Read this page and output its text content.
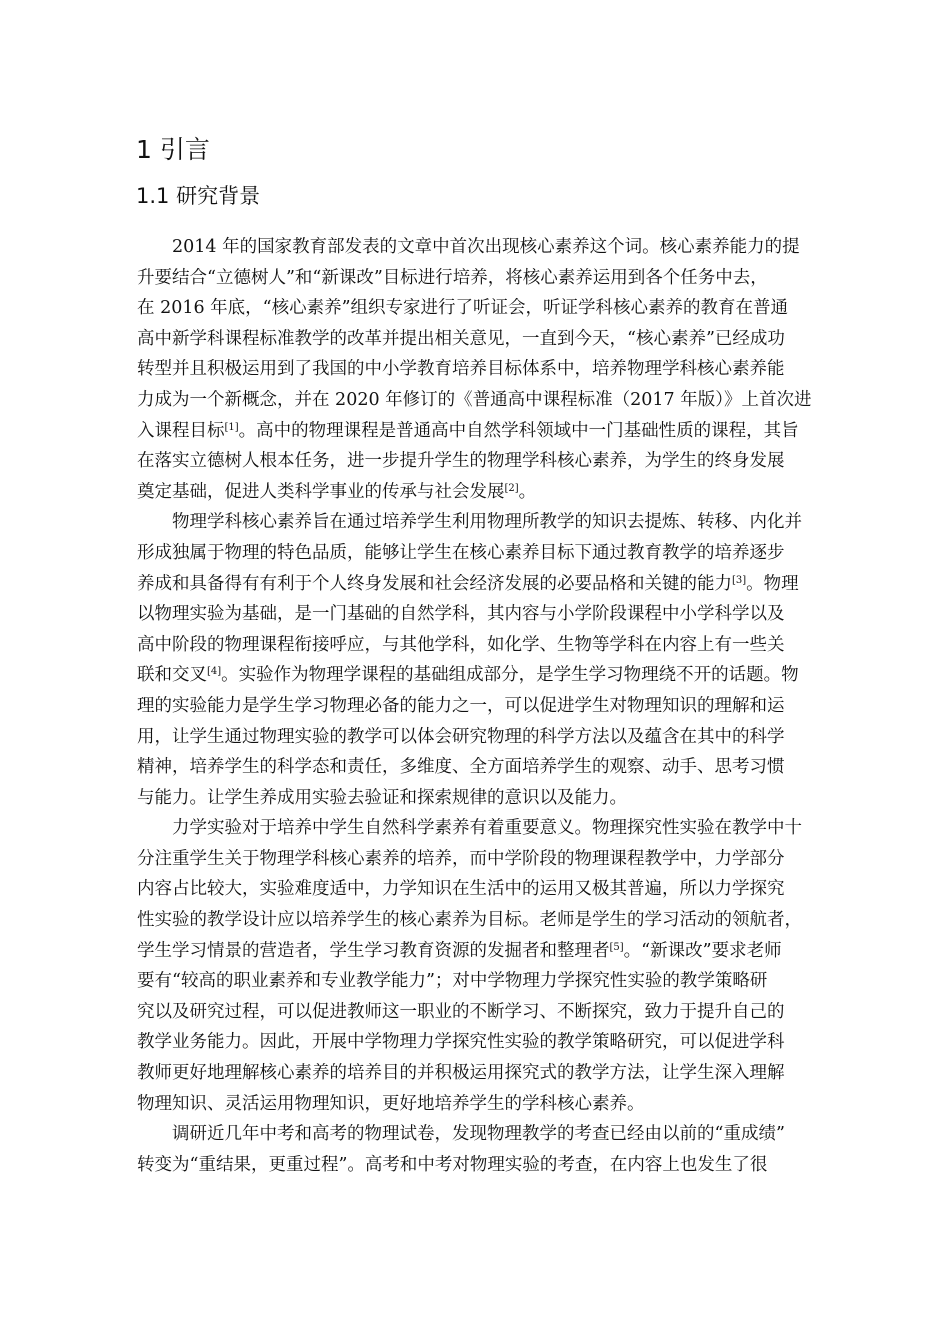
1 引言
1.1 研究背景
2014 年的国家教育部发表的文章中首次出现核心素养这个词。核心素养能力的提
升要结合“立德树人”和“新课改”目标进行培养，将核心素养运用到各个任务中去，
在 2016 年底，“核心素养”组织专家进行了听证会，听证学科核心素养的教育在普通
高中新学科课程标准教学的改革并提出相关意见，一直到今天，“核心素养”已经成功
转型并且积极运用到了我国的中小学教育培养目标体系中，培养物理学科核心素养能
力成为一个新概念，并在 2020 年修订的《普通高中课程标准（2017 年版）》上首次进
入课程目标[1]。高中的物理课程是普通高中自然学科领域中一门基础性质的课程，其旨
在落实立德树人根本任务，进一步提升学生的物理学科核心素养，为学生的终身发展
奠定基础，促进人类科学事业的传承与社会发展[2]。
物理学科核心素养旨在通过培养学生利用物理所教学的知识去提炼、转移、内化并
形成独属于物理的特色品质，能够让学生在核心素养目标下通过教育教学的培养逐步
养成和具备得有有利于个人终身发展和社会经济发展的必要品格和关键的能力[3]。物理
以物理实验为基础，是一门基础的自然学科，其内容与小学阶段课程中小学科学以及
高中阶段的物理课程衔接呼应，与其他学科，如化学、生物等学科在内容上有一些关
联和交叉[4]。实验作为物理学课程的基础组成部分，是学生学习物理绕不开的话题。物
理的实验能力是学生学习物理必备的能力之一，可以促进学生对物理知识的理解和运
用，让学生通过物理实验的教学可以体会研究物理的科学方法以及蕴含在其中的科学
精神，培养学生的科学态和责任，多维度、全方面培养学生的观察、动手、思考习惯
与能力。让学生养成用实验去验证和探索规律的意识以及能力。
力学实验对于培养中学生自然科学素养有着重要意义。物理探究性实验在教学中十
分注重学生关于物理学科核心素养的培养，而中学阶段的物理课程教学中，力学部分
内容占比较大，实验难度适中，力学知识在生活中的运用又极其普遍，所以力学探究
性实验的教学设计应以培养学生的核心素养为目标。老师是学生的学习活动的领航者，
学生学习情景的营造者，学生学习教育资源的发掘者和整理者[5]。“新课改”要求老师
要有“较高的职业素养和专业教学能力”；对中学物理力学探究性实验的教学策略研
究以及研究过程，可以促进教师这一职业的不断学习、不断探究，致力于提升自己的
教学业务能力。因此，开展中学物理力学探究性实验的教学策略研究，可以促进学科
教师更好地理解核心素养的培养目的并积极运用探究式的教学方法，让学生深入理解
物理知识、灵活运用物理知识，更好地培养学生的学科核心素养。
调研近几年中考和高考的物理试卷，发现物理教学的考查已经由以前的“重成绩”
转变为“重结果，更重过程”。高考和中考对物理实验的考查，在内容上也发生了很
